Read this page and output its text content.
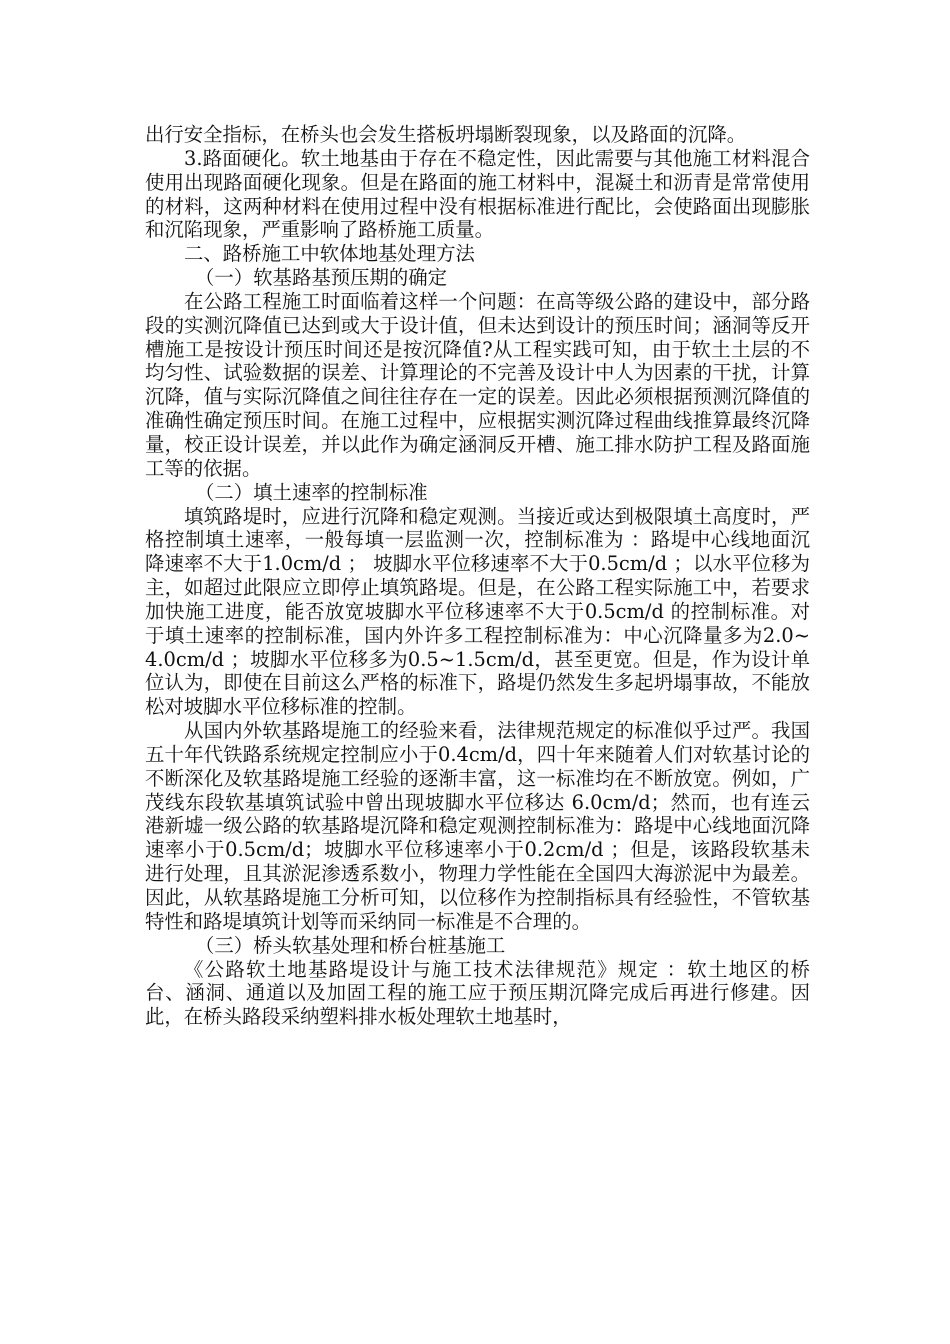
出行安全指标，在桥头也会发生搭板坍塌断裂现象，以及路面的沉降。

3.路面硬化。软土地基由于存在不稳定性，因此需要与其他施工材料混合使用出现路面硬化现象。但是在路面的施工材料中，混凝土和沥青是常常使用的材料，这两种材料在使用过程中没有根据标准进行配比，会使路面出现膨胀和沉陷现象，严重影响了路桥施工质量。

二、路桥施工中软体地基处理方法

（一）软基路基预压期的确定

在公路工程施工时面临着这样一个问题：在高等级公路的建设中，部分路段的实测沉降值已达到或大于设计值，但未达到设计的预压时间；涵洞等反开槽施工是按设计预压时间还是按沉降值?从工程实践可知，由于软土土层的不均匀性、试验数据的误差、计算理论的不完善及设计中人为因素的干扰，计算沉降，值与实际沉降值之间往往存在一定的误差。因此必须根据预测沉降值的准确性确定预压时间。在施工过程中，应根据实测沉降过程曲线推算最终沉降量，校正设计误差，并以此作为确定涵洞反开槽、施工排水防护工程及路面施工等的依据。

（二）填土速率的控制标准

填筑路堤时，应进行沉降和稳定观测。当接近或达到极限填土高度时，严格控制填土速率，一般每填一层监测一次，控制标准为 ：路堤中心线地面沉降速率不大于1.0cm/d ； 坡脚水平位移速率不大于0.5cm/d ；以水平位移为主，如超过此限应立即停止填筑路堤。但是，在公路工程实际施工中，若要求加快施工进度，能否放宽坡脚水平位移速率不大于0.5cm/d 的控制标准。对于填土速率的控制标准，国内外许多工程控制标准为：中心沉降量多为2.0~4.0cm/d ；坡脚水平位移多为0.5~1.5cm/d，甚至更宽。但是，作为设计单位认为，即使在目前这么严格的标准下，路堤仍然发生多起坍塌事故，不能放松对坡脚水平位移标准的控制。

从国内外软基路堤施工的经验来看，法律规范规定的标准似乎过严。我国五十年代铁路系统规定控制应小于0.4cm/d，四十年来随着人们对软基讨论的不断深化及软基路堤施工经验的逐渐丰富，这一标准均在不断放宽。例如，广茂线东段软基填筑试验中曾出现坡脚水平位移达 6.0cm/d；然而，也有连云港新墟一级公路的软基路堤沉降和稳定观测控制标准为：路堤中心线地面沉降速率小于0.5cm/d；坡脚水平位移速率小于0.2cm/d ；但是，该路段软基未进行处理，且其淤泥渗透系数小，物理力学性能在全国四大海淤泥中为最差。因此，从软基路堤施工分析可知，以位移作为控制指标具有经验性，不管软基特性和路堤填筑计划等而采纳同一标准是不合理的。

（三）桥头软基处理和桥台桩基施工

《公路软土地基路堤设计与施工技术法律规范》规定 ：软土地区的桥台、涵洞、通道以及加固工程的施工应于预压期沉降完成后再进行修建。因此，在桥头路段采纳塑料排水板处理软土地基时，
